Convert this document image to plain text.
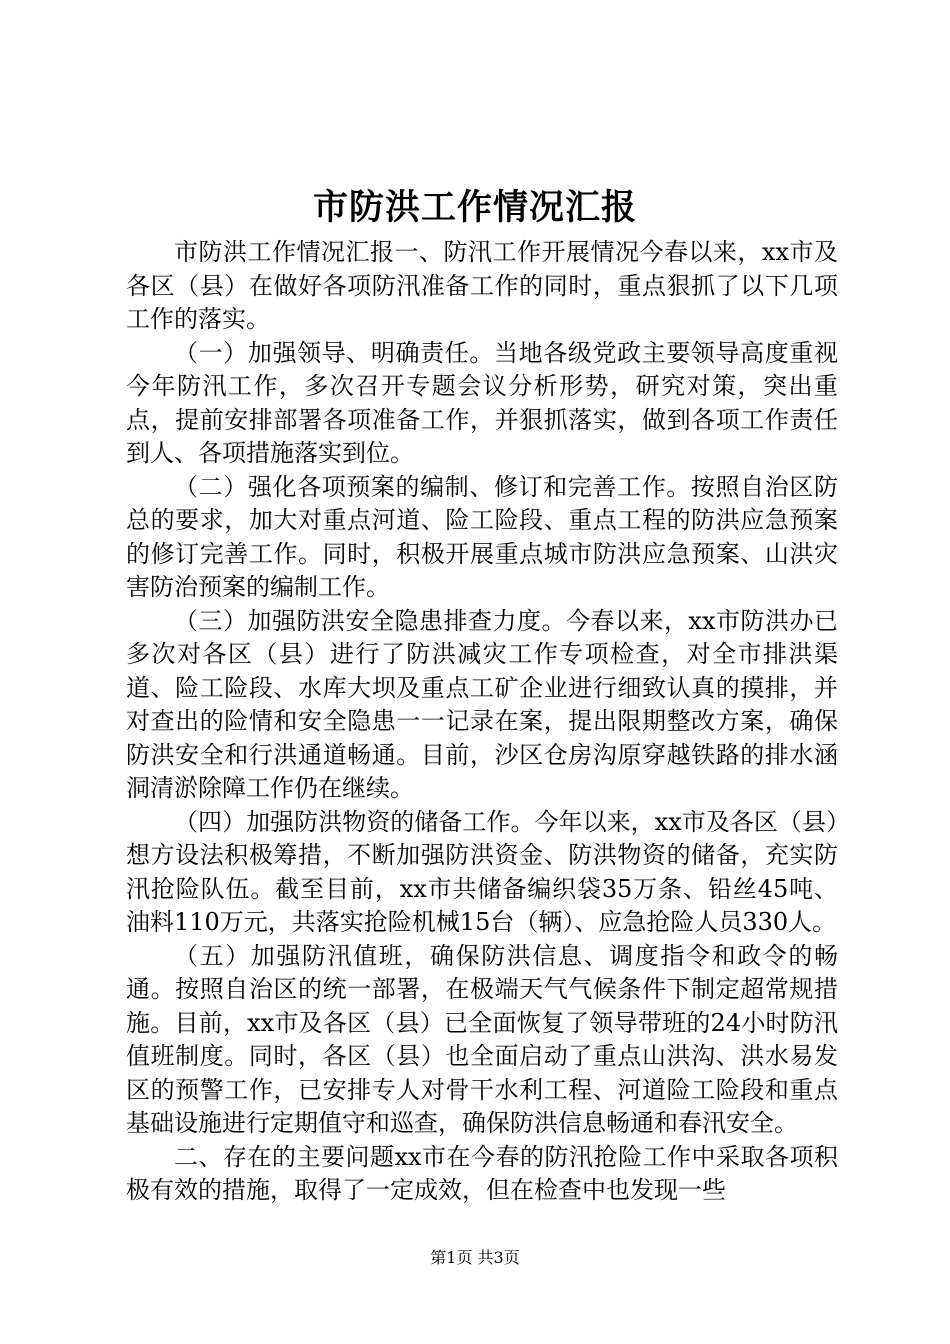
市防洪工作情况汇报

市防洪工作情况汇报一、防汛工作开展情况今春以来，xx市及各区（县）在做好各项防汛准备工作的同时，重点狠抓了以下几项工作的落实。

（一）加强领导、明确责任。当地各级党政主要领导高度重视今年防汛工作，多次召开专题会议分析形势，研究对策，突出重点，提前安排部署各项准备工作，并狠抓落实，做到各项工作责任到人、各项措施落实到位。

（二）强化各项预案的编制、修订和完善工作。按照自治区防总的要求，加大对重点河道、险工险段、重点工程的防洪应急预案的修订完善工作。同时，积极开展重点城市防洪应急预案、山洪灾害防治预案的编制工作。

（三）加强防洪安全隐患排查力度。今春以来，xx市防洪办已多次对各区（县）进行了防洪减灾工作专项检查，对全市排洪渠道、险工险段、水库大坝及重点工矿企业进行细致认真的摸排，并对查出的险情和安全隐患一一记录在案，提出限期整改方案，确保防洪安全和行洪通道畅通。目前，沙区仓房沟原穿越铁路的排水涵洞清淤除障工作仍在继续。

（四）加强防洪物资的储备工作。今年以来，xx市及各区（县）想方设法积极筹措，不断加强防洪资金、防洪物资的储备，充实防汛抢险队伍。截至目前，xx市共储备编织袋35万条、铅丝45吨、油料110万元，共落实抢险机械15台（辆）、应急抢险人员330人。

（五）加强防汛值班，确保防洪信息、调度指令和政令的畅通。按照自治区的统一部署，在极端天气气候条件下制定超常规措施。目前，xx市及各区（县）已全面恢复了领导带班的24小时防汛值班制度。同时，各区（县）也全面启动了重点山洪沟、洪水易发区的预警工作，已安排专人对骨干水利工程、河道险工险段和重点基础设施进行定期值守和巡查，确保防洪信息畅通和春汛安全。

二、存在的主要问题xx市在今春的防汛抢险工作中采取各项积极有效的措施，取得了一定成效，但在检查中也发现一些

第1页 共3页
